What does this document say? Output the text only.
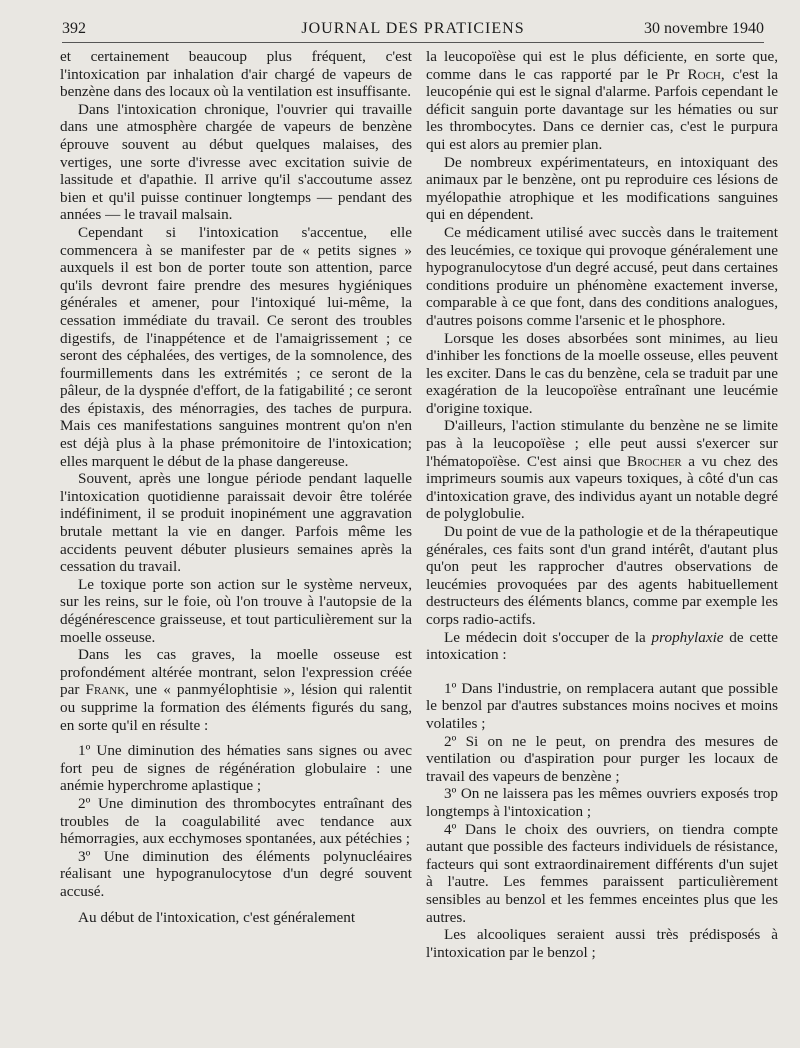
392	JOURNAL DES PRATICIENS	30 novembre 1940

et certainement beaucoup plus fréquent, c'est l'intoxication par inhalation d'air chargé de vapeurs de benzène dans des locaux où la ventilation est insuffisante.

Dans l'intoxication chronique, l'ouvrier qui travaille dans une atmosphère chargée de vapeurs de benzène éprouve souvent au début quelques malaises, des vertiges, une sorte d'ivresse avec excitation suivie de lassitude et d'apathie. Il arrive qu'il s'accoutume assez bien et qu'il puisse continuer longtemps — pendant des années — le travail malsain.

Cependant si l'intoxication s'accentue, elle commencera à se manifester par de « petits signes » auxquels il est bon de porter toute son attention, parce qu'ils devront faire prendre des mesures hygiéniques générales et amener, pour l'intoxiqué lui-même, la cessation immédiate du travail. Ce seront des troubles digestifs, de l'inappétence et de l'amaigrissement ; ce seront des céphalées, des vertiges, de la somnolence, des fourmillements dans les extrémités ; ce seront de la pâleur, de la dyspnée d'effort, de la fatigabilité ; ce seront des épistaxis, des ménorragies, des taches de purpura. Mais ces manifestations sanguines montrent qu'on n'en est déjà plus à la phase prémonitoire de l'intoxication; elles marquent le début de la phase dangereuse.

Souvent, après une longue période pendant laquelle l'intoxication quotidienne paraissait devoir être tolérée indéfiniment, il se produit inopinément une aggravation brutale mettant la vie en danger. Parfois même les accidents peuvent débuter plusieurs semaines après la cessation du travail.

Le toxique porte son action sur le système nerveux, sur les reins, sur le foie, où l'on trouve à l'autopsie de la dégénérescence graisseuse, et tout particulièrement sur la moelle osseuse.

Dans les cas graves, la moelle osseuse est profondément altérée montrant, selon l'expression créée par Frank, une « panmyélophtisie », lésion qui ralentit ou supprime la formation des éléments figurés du sang, en sorte qu'il en résulte :

1º Une diminution des hématies sans signes ou avec fort peu de signes de régénération globulaire : une anémie hyperchrome aplastique ;

2º Une diminution des thrombocytes entraînant des troubles de la coagulabilité avec tendance aux hémorragies, aux ecchymoses spontanées, aux pétéchies ;

3º Une diminution des éléments polynucléaires réalisant une hypogranulocytose d'un degré souvent accusé.

Au début de l'intoxication, c'est généralement

la leucopoïèse qui est le plus déficiente, en sorte que, comme dans le cas rapporté par le Pr Roch, c'est la leucopénie qui est le signal d'alarme. Parfois cependant le déficit sanguin porte davantage sur les hématies ou sur les thrombocytes. Dans ce dernier cas, c'est le purpura qui est alors au premier plan.

De nombreux expérimentateurs, en intoxiquant des animaux par le benzène, ont pu reproduire ces lésions de myélopathie atrophique et les modifications sanguines qui en dépendent.

Ce médicament utilisé avec succès dans le traitement des leucémies, ce toxique qui provoque généralement une hypogranulocytose d'un degré accusé, peut dans certaines conditions produire un phénomène exactement inverse, comparable à ce que font, dans des conditions analogues, d'autres poisons comme l'arsenic et le phosphore.

Lorsque les doses absorbées sont minimes, au lieu d'inhiber les fonctions de la moelle osseuse, elles peuvent les exciter. Dans le cas du benzène, cela se traduit par une exagération de la leucopoïèse entraînant une leucémie d'origine toxique.

D'ailleurs, l'action stimulante du benzène ne se limite pas à la leucopoïèse ; elle peut aussi s'exercer sur l'hématopoïèse. C'est ainsi que Brocher a vu chez des imprimeurs soumis aux vapeurs toxiques, à côté d'un cas d'intoxication grave, des individus ayant un notable degré de polyglobulie.

Du point de vue de la pathologie et de la thérapeutique générales, ces faits sont d'un grand intérêt, d'autant plus qu'on peut les rapprocher d'autres observations de leucémies provoquées par des agents habituellement destructeurs des éléments blancs, comme par exemple les corps radio-actifs.

Le médecin doit s'occuper de la prophylaxie de cette intoxication :

1º Dans l'industrie, on remplacera autant que possible le benzol par d'autres substances moins nocives et moins volatiles ;

2º Si on ne le peut, on prendra des mesures de ventilation ou d'aspiration pour purger les locaux de travail des vapeurs de benzène ;

3º On ne laissera pas les mêmes ouvriers exposés trop longtemps à l'intoxication ;

4º Dans le choix des ouvriers, on tiendra compte autant que possible des facteurs individuels de résistance, facteurs qui sont extraordinairement différents d'un sujet à l'autre. Les femmes paraissent particulièrement sensibles au benzol et les femmes enceintes plus que les autres.

Les alcooliques seraient aussi très prédisposés à l'intoxication par le benzol ;
